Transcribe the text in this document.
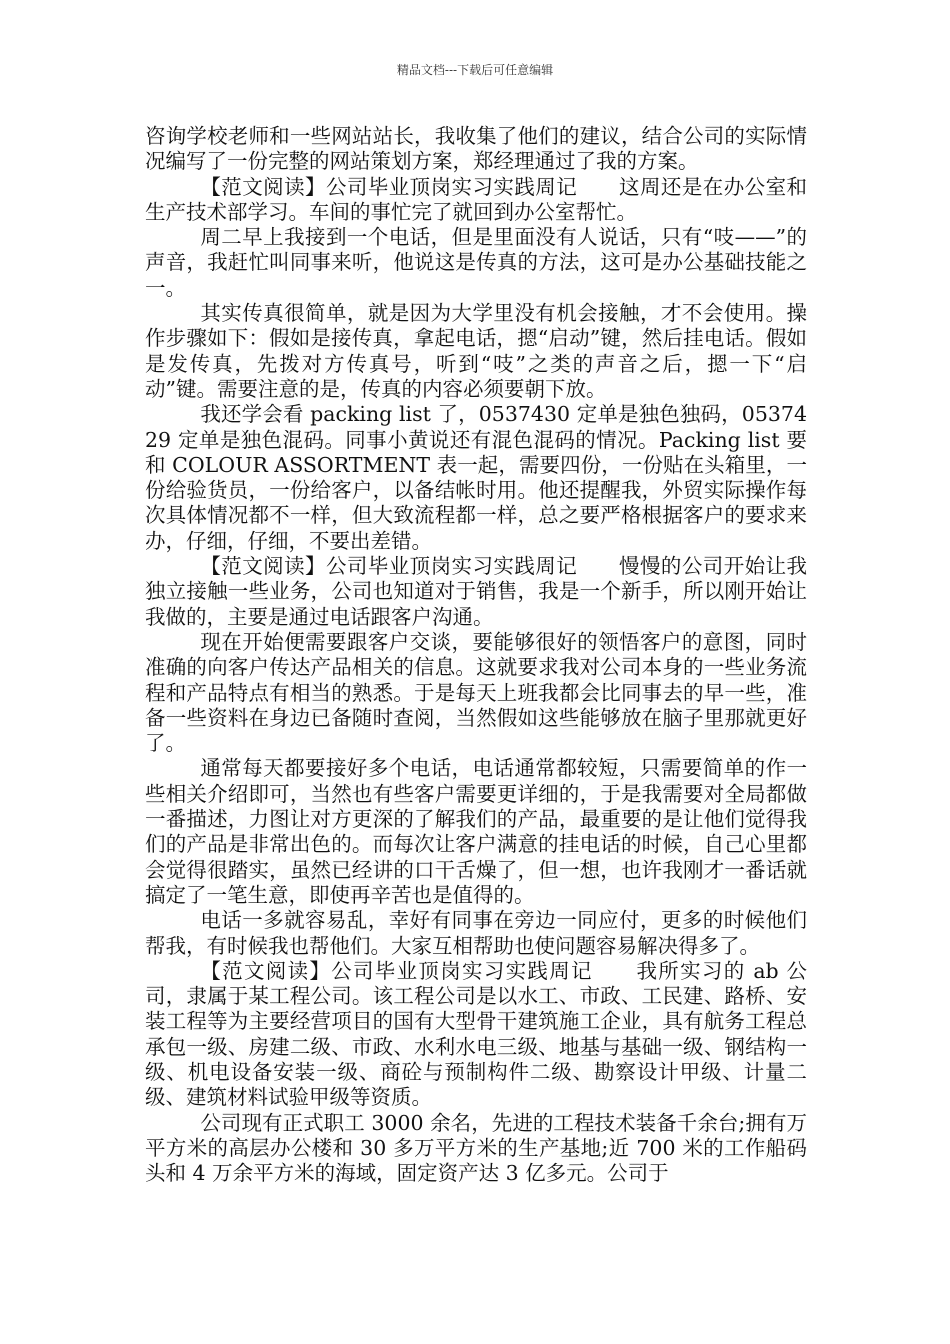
精品文档---下载后可任意编辑

咨询学校老师和一些网站站长，我收集了他们的建议，结合公司的实际情况编写了一份完整的网站策划方案，郑经理通过了我的方案。

【范文阅读】公司毕业顶岗实习实践周记　　这周还是在办公室和生产技术部学习。车间的事忙完了就回到办公室帮忙。

周二早上我接到一个电话，但是里面没有人说话，只有“吱——”的声音，我赶忙叫同事来听，他说这是传真的方法，这可是办公基础技能之一。

其实传真很简单，就是因为大学里没有机会接触，才不会使用。操作步骤如下：假如是接传真，拿起电话，摁“启动”键，然后挂电话。假如是发传真，先拨对方传真号，听到“吱”之类的声音之后，摁一下“启动”键。需要注意的是，传真的内容必须要朝下放。

我还学会看 packing list 了，0537430 定单是独色独码，0537429 定单是独色混码。同事小黄说还有混色混码的情况。Packing list 要和 COLOUR ASSORTMENT 表一起，需要四份，一份贴在头箱里，一份给验货员，一份给客户，以备结帐时用。他还提醒我，外贸实际操作每次具体情况都不一样，但大致流程都一样，总之要严格根据客户的要求来办，仔细，仔细，不要出差错。

【范文阅读】公司毕业顶岗实习实践周记　　慢慢的公司开始让我独立接触一些业务，公司也知道对于销售，我是一个新手，所以刚开始让我做的，主要是通过电话跟客户沟通。

现在开始便需要跟客户交谈，要能够很好的领悟客户的意图，同时准确的向客户传达产品相关的信息。这就要求我对公司本身的一些业务流程和产品特点有相当的熟悉。于是每天上班我都会比同事去的早一些，准备一些资料在身边已备随时查阅，当然假如这些能够放在脑子里那就更好了。

通常每天都要接好多个电话，电话通常都较短，只需要简单的作一些相关介绍即可，当然也有些客户需要更详细的，于是我需要对全局都做一番描述，力图让对方更深的了解我们的产品，最重要的是让他们觉得我们的产品是非常出色的。而每次让客户满意的挂电话的时候，自己心里都会觉得很踏实，虽然已经讲的口干舌燥了，但一想，也许我刚才一番话就搞定了一笔生意，即使再辛苦也是值得的。

电话一多就容易乱，幸好有同事在旁边一同应付，更多的时候他们帮我，有时候我也帮他们。大家互相帮助也使问题容易解决得多了。

【范文阅读】公司毕业顶岗实习实践周记　　我所实习的 ab 公司，隶属于某工程公司。该工程公司是以水工、市政、工民建、路桥、安装工程等为主要经营项目的国有大型骨干建筑施工企业，具有航务工程总承包一级、房建二级、市政、水利水电三级、地基与基础一级、钢结构一级、机电设备安装一级、商砼与预制构件二级、勘察设计甲级、计量二级、建筑材料试验甲级等资质。

公司现有正式职工 3000 余名，先进的工程技术装备千余台;拥有万平方米的高层办公楼和 30 多万平方米的生产基地;近 700 米的工作船码头和 4 万余平方米的海域，固定资产达 3 亿多元。公司于
